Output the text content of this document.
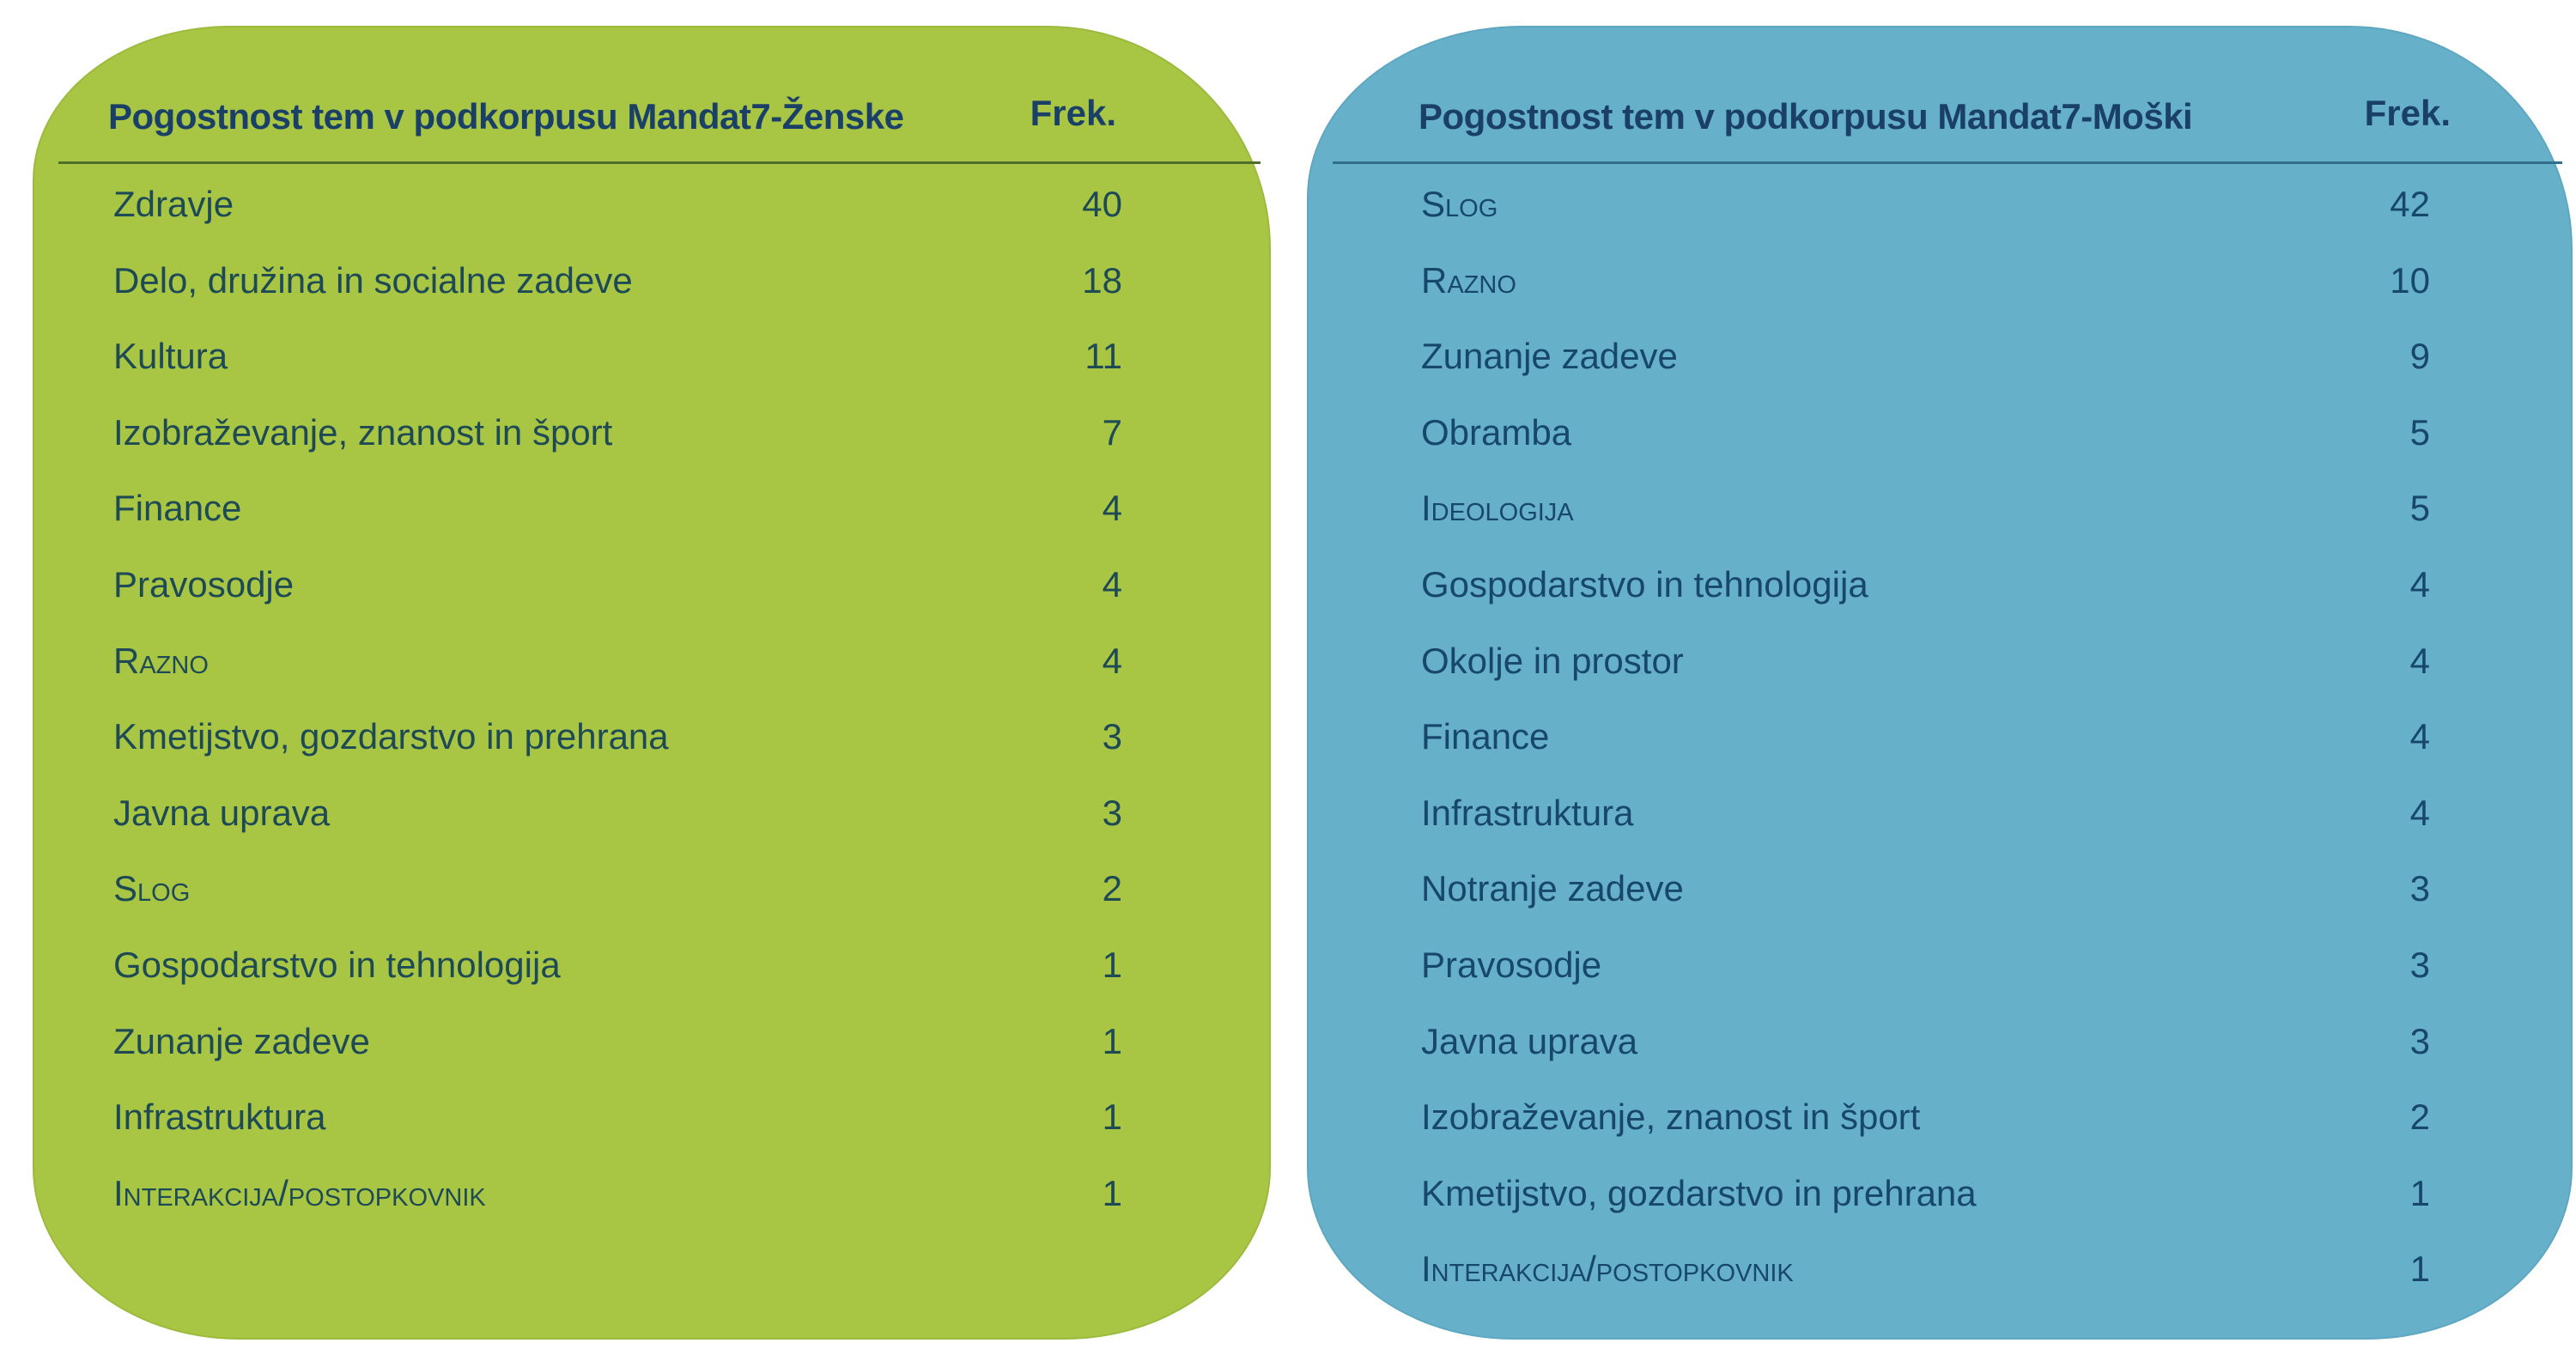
Pogostnost tem v podkorpusu Mandat7-Ženske	Frek.
Zdravje	40
Delo, družina in socialne zadeve	18
Kultura	11
Izobraževanje, znanost in šport	7
Finance	4
Pravosodje	4
Razno	4
Kmetijstvo, gozdarstvo in prehrana	3
Javna uprava	3
Slog	2
Gospodarstvo in tehnologija	1
Zunanje zadeve	1
Infrastruktura	1
Interakcija/postopkovnik	1
Pogostnost tem v podkorpusu Mandat7-Moški	Frek.
Slog	42
Razno	10
Zunanje zadeve	9
Obramba	5
Ideologija	5
Gospodarstvo in tehnologija	4
Okolje in prostor	4
Finance	4
Infrastruktura	4
Notranje zadeve	3
Pravosodje	3
Javna uprava	3
Izobraževanje, znanost in šport	2
Kmetijstvo, gozdarstvo in prehrana	1
Interakcija/postopkovnik	1
